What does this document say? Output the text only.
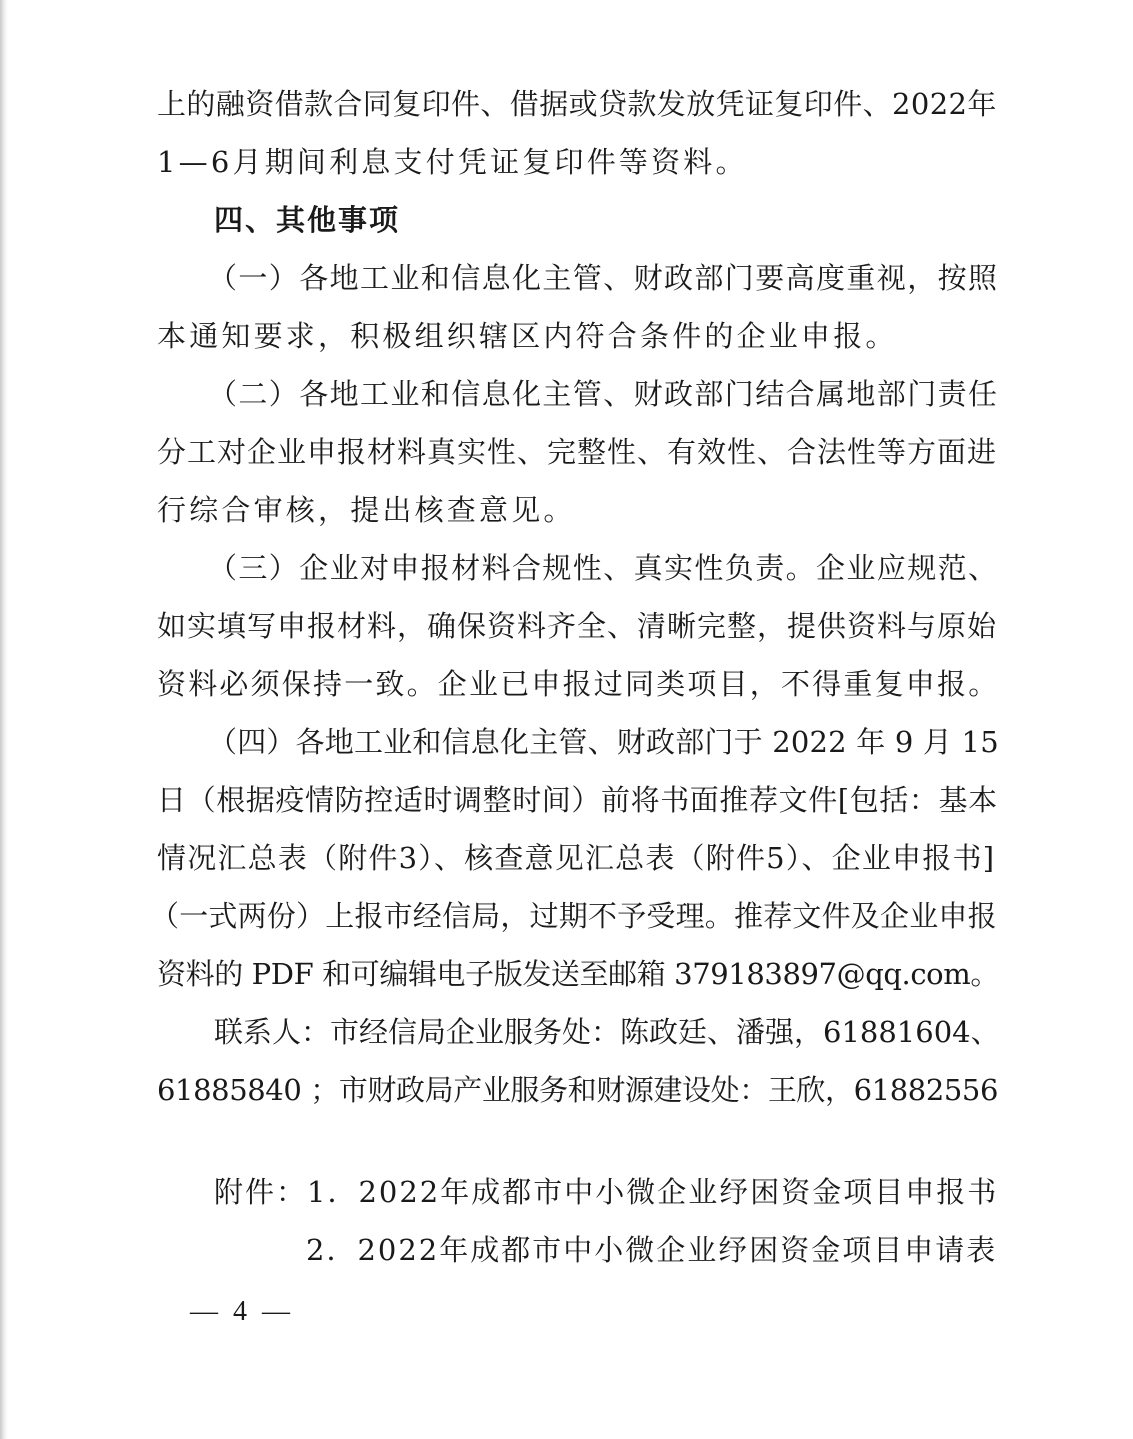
上的融资借款合同复印件、借据或贷款发放凭证复印件、2022年
1—6月期间利息支付凭证复印件等资料。
四、其他事项
（一）各地工业和信息化主管、财政部门要高度重视，按照
本通知要求，积极组织辖区内符合条件的企业申报。
（二）各地工业和信息化主管、财政部门结合属地部门责任
分工对企业申报材料真实性、完整性、有效性、合法性等方面进
行综合审核，提出核查意见。
（三）企业对申报材料合规性、真实性负责。企业应规范、
如实填写申报材料，确保资料齐全、清晰完整，提供资料与原始
资料必须保持一致。企业已申报过同类项目，不得重复申报。
（四）各地工业和信息化主管、财政部门于 2022 年 9 月 15
日（根据疫情防控适时调整时间）前将书面推荐文件[包括：基本
情况汇总表（附件3）、核查意见汇总表（附件5）、企业申报书]
（一式两份）上报市经信局，过期不予受理。推荐文件及企业申报
资料的 PDF 和可编辑电子版发送至邮箱 379183897@qq.com。
联系人：市经信局企业服务处：陈政廷、潘强，61881604、
61885840 ；市财政局产业服务和财源建设处：王欣，61882556
附件：1．2022年成都市中小微企业纾困资金项目申报书
2．2022年成都市中小微企业纾困资金项目申请表
— 4 —
